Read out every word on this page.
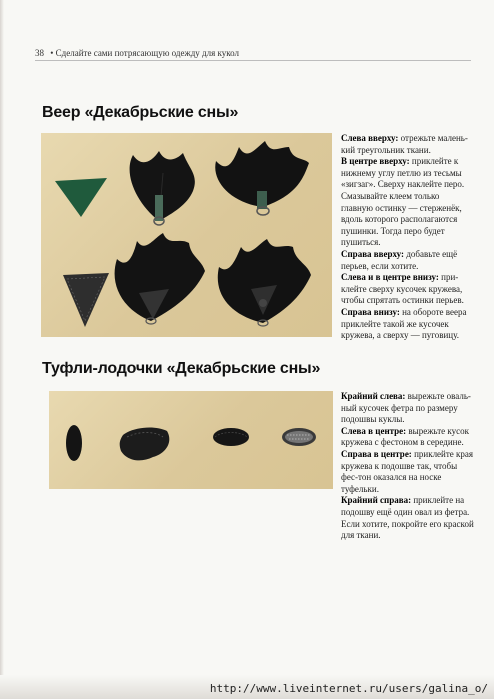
38 • Сделайте сами потрясающую одежду для кукол
Веер «Декабрьские сны»

Слева вверху: отрежьте малень-кий треугольник ткани.

В центре вверху: приклейте к нижнему углу петлю из тесьмы «зигзаг». Сверху наклейте перо. Смазывайте клеем только главную остинку — стерженёк, вдоль которого располагаются пушинки. Тогда перо будет пушиться.

Справа вверху: добавьте ещё перьев, если хотите.

Слева и в центре внизу: при-клейте сверху кусочек кружева, чтобы спрятать остинки перьев.

Справа внизу: на обороте веера приклейте такой же кусочек кружева, а сверху — пуговицу.

Туфли-лодочки «Декабрьские сны»

Крайний слева: вырежьте оваль-ный кусочек фетра по размеру подошвы куклы.

Слева в центре: вырежьте кусок кружева с фестоном в середине.

Справа в центре: приклейте края кружева к подошве так, чтобы фес-тон оказался на носке туфельки.

Крайний справа: приклейте на подошву ещё один овал из фетра. Если хотите, покройте его краской для ткани.

http://www.liveinternet.ru/users/galina_o/
